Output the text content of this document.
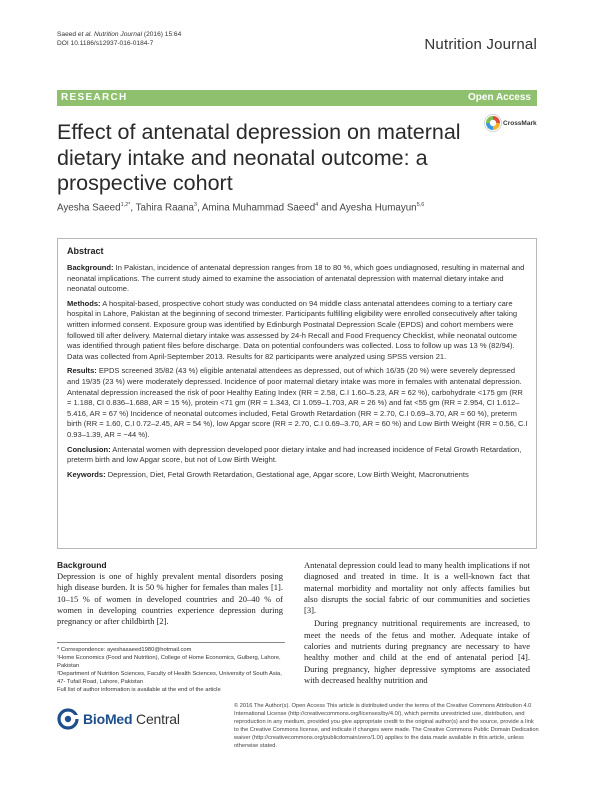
Saeed et al. Nutrition Journal (2016) 15:64
DOI 10.1186/s12937-016-0184-7	Nutrition Journal
RESEARCH	Open Access
Effect of antenatal depression on maternal dietary intake and neonatal outcome: a prospective cohort
CrossMark
Ayesha Saeed$^{1,2*}$, Tahira Raana$^3$, Amina Muhammad Saeed$^4$ and Ayesha Humayun$^{5,6}$
Abstract

Background: In Pakistan, incidence of antenatal depression ranges from 18 to 80 %, which goes undiagnosed, resulting in maternal and neonatal implications. The current study aimed to examine the association of antenatal depression with maternal dietary intake and neonatal outcome.

Methods: A hospital-based, prospective cohort study was conducted on 94 middle class antenatal attendees coming to a tertiary care hospital in Lahore, Pakistan at the beginning of second trimester. Participants fulfilling eligibility were enrolled consecutively after taking written informed consent. Exposure group was identified by Edinburgh Postnatal Depression Scale (EPDS) and cohort members were followed till after delivery. Maternal dietary intake was assessed by 24-h Recall and Food Frequency Checklist, while neonatal outcome was identified through patient files before discharge. Data on potential confounders was collected. Loss to follow up was 13 % (82/94). Data was collected from April-September 2013. Results for 82 participants were analyzed using SPSS version 21.

Results: EPDS screened 35/82 (43 %) eligible antenatal attendees as depressed, out of which 16/35 (20 %) were severely depressed and 19/35 (23 %) were moderately depressed. Incidence of poor maternal dietary intake was more in females with antenatal depression. Antenatal depression increased the risk of poor Healthy Eating Index (RR = 2.58, C.I 1.60–5.23, AR = 62 %), carbohydrate <175 gm (RR = 1.188, CI 0.836–1.688, AR = 15 %), protein <71 gm (RR = 1.343, CI 1.059–1.703, AR = 26 %) and fat <55 gm (RR = 2.954, CI 1.612–5.416, AR = 67 %) Incidence of neonatal outcomes included, Fetal Growth Retardation (RR = 2.70, C.I 0.69–3.70, AR = 60 %), preterm birth (RR = 1.60, C.I 0.72–2.45, AR = 54 %), low Apgar score (RR = 2.70, C.I 0.69–3.70, AR = 60 %) and Low Birth Weight (RR = 0.56, C.I 0.93–1.39, AR = −44 %).

Conclusion: Antenatal women with depression developed poor dietary intake and had increased incidence of Fetal Growth Retardation, preterm birth and low Apgar score, but not of Low Birth Weight.

Keywords: Depression, Diet, Fetal Growth Retardation, Gestational age, Apgar score, Low Birth Weight, Macronutrients

Background

Depression is one of highly prevalent mental disorders posing high disease burden. It is 50 % higher for females than males [1]. 10–15 % of women in developed countries and 20–40 % of women in developing countries experience depression during pregnancy or after childbirth [2].

Antenatal depression could lead to many health implications if not diagnosed and treated in time. It is a well-known fact that maternal morbidity and mortality not only affects families but also disrupts the social fabric of our communities and societies [3].

During pregnancy nutritional requirements are increased, to meet the needs of the fetus and mother. Adequate intake of calories and nutrients during pregnancy are necessary to have healthy mother and child at the end of antenatal period [4]. During pregnancy, higher depressive symptoms are associated with decreased healthy nutrition and

* Correspondence: ayeshasaeed1980@hotmail.com
¹Home Economics (Food and Nutrition), College of Home Economics, Gulberg, Lahore, Pakistan
²Department of Nutrition Sciences, Faculty of Health Sciences, University of South Asia, 47- Tufail Road, Lahore, Pakistan
Full list of author information is available at the end of the article
BioMed Central
© 2016 The Author(s). Open Access This article is distributed under the terms of the Creative Commons Attribution 4.0 International License (http://creativecommons.org/licenses/by/4.0/), which permits unrestricted use, distribution, and reproduction in any medium, provided you give appropriate credit to the original author(s) and the source, provide a link to the Creative Commons license, and indicate if changes were made. The Creative Commons Public Domain Dedication waiver (http://creativecommons.org/publicdomain/zero/1.0/) applies to the data made available in this article, unless otherwise stated.
